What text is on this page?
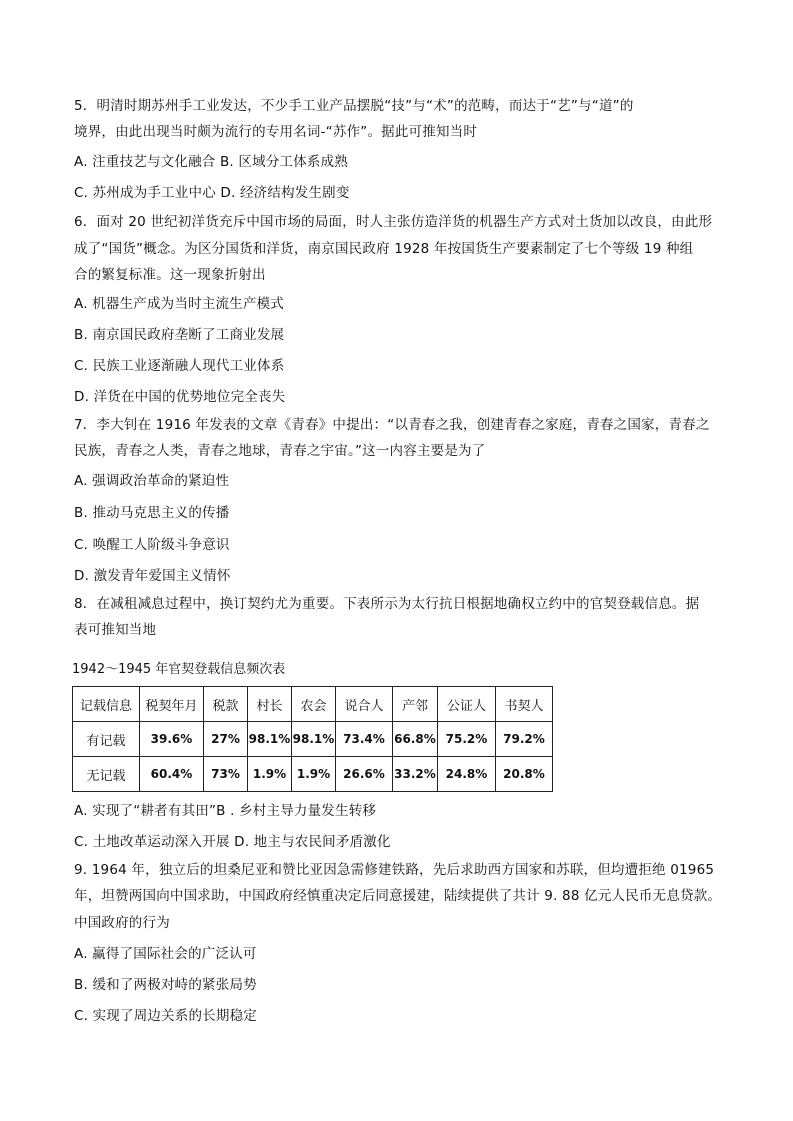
5．明清时期苏州手工业发达，不少手工业产品摆脱“技”与“术”的范畴，而达于“艺”与“道”的
境界，由此出现当时颇为流行的专用名词-“苏作”。据此可推知当时
A. 注重技艺与文化融合 B. 区域分工体系成熟
C. 苏州成为手工业中心 D. 经济结构发生剧变
6．面对 20 世纪初洋货充斥中国市场的局面，时人主张仿造洋货的机器生产方式对土货加以改良，由此形
成了“国货”概念。为区分国货和洋货，南京国民政府 1928 年按国货生产要素制定了七个等级 19 种组
合的繁复标准。这一现象折射出
A. 机器生产成为当时主流生产模式
B. 南京国民政府垄断了工商业发展
C. 民族工业逐渐融人现代工业体系
D. 洋货在中国的优势地位完全丧失
7．李大钊在 1916 年发表的文章《青春》中提出：“以青春之我，创建青春之家庭，青春之国家，青春之
民族，青春之人类，青春之地球，青春之宇宙。”这一内容主要是为了
A. 强调政治革命的紧迫性
B. 推动马克思主义的传播
C. 唤醒工人阶级斗争意识
D. 激发青年爱国主义情怀
8．在减租减息过程中，换订契约尤为重要。下表所示为太行抗日根据地确权立约中的官契登载信息。据
表可推知当地
1942～1945 年官契登载信息频次表
记载信息	税契年月	税款	村长	农会	说合人	产邻	公证人	书契人
有记载	39.6%	27%	98.1%	98.1%	73.4%	66.8%	75.2%	79.2%
无记载	60.4%	73%	1.9%	1.9%	26.6%	33.2%	24.8%	20.8%
A. 实现了“耕者有其田”B . 乡村主导力量发生转移
C. 土地改革运动深入开展 D. 地主与农民间矛盾激化
9. 1964 年，独立后的坦桑尼亚和赞比亚因急需修建铁路，先后求助西方国家和苏联，但均遭拒绝 01965
年，坦赞两国向中国求助，中国政府经慎重决定后同意援建，陆续提供了共计 9. 88 亿元人民币无息贷款。
中国政府的行为
A. 赢得了国际社会的广泛认可
B. 缓和了两极对峙的紧张局势
C. 实现了周边关系的长期稳定
